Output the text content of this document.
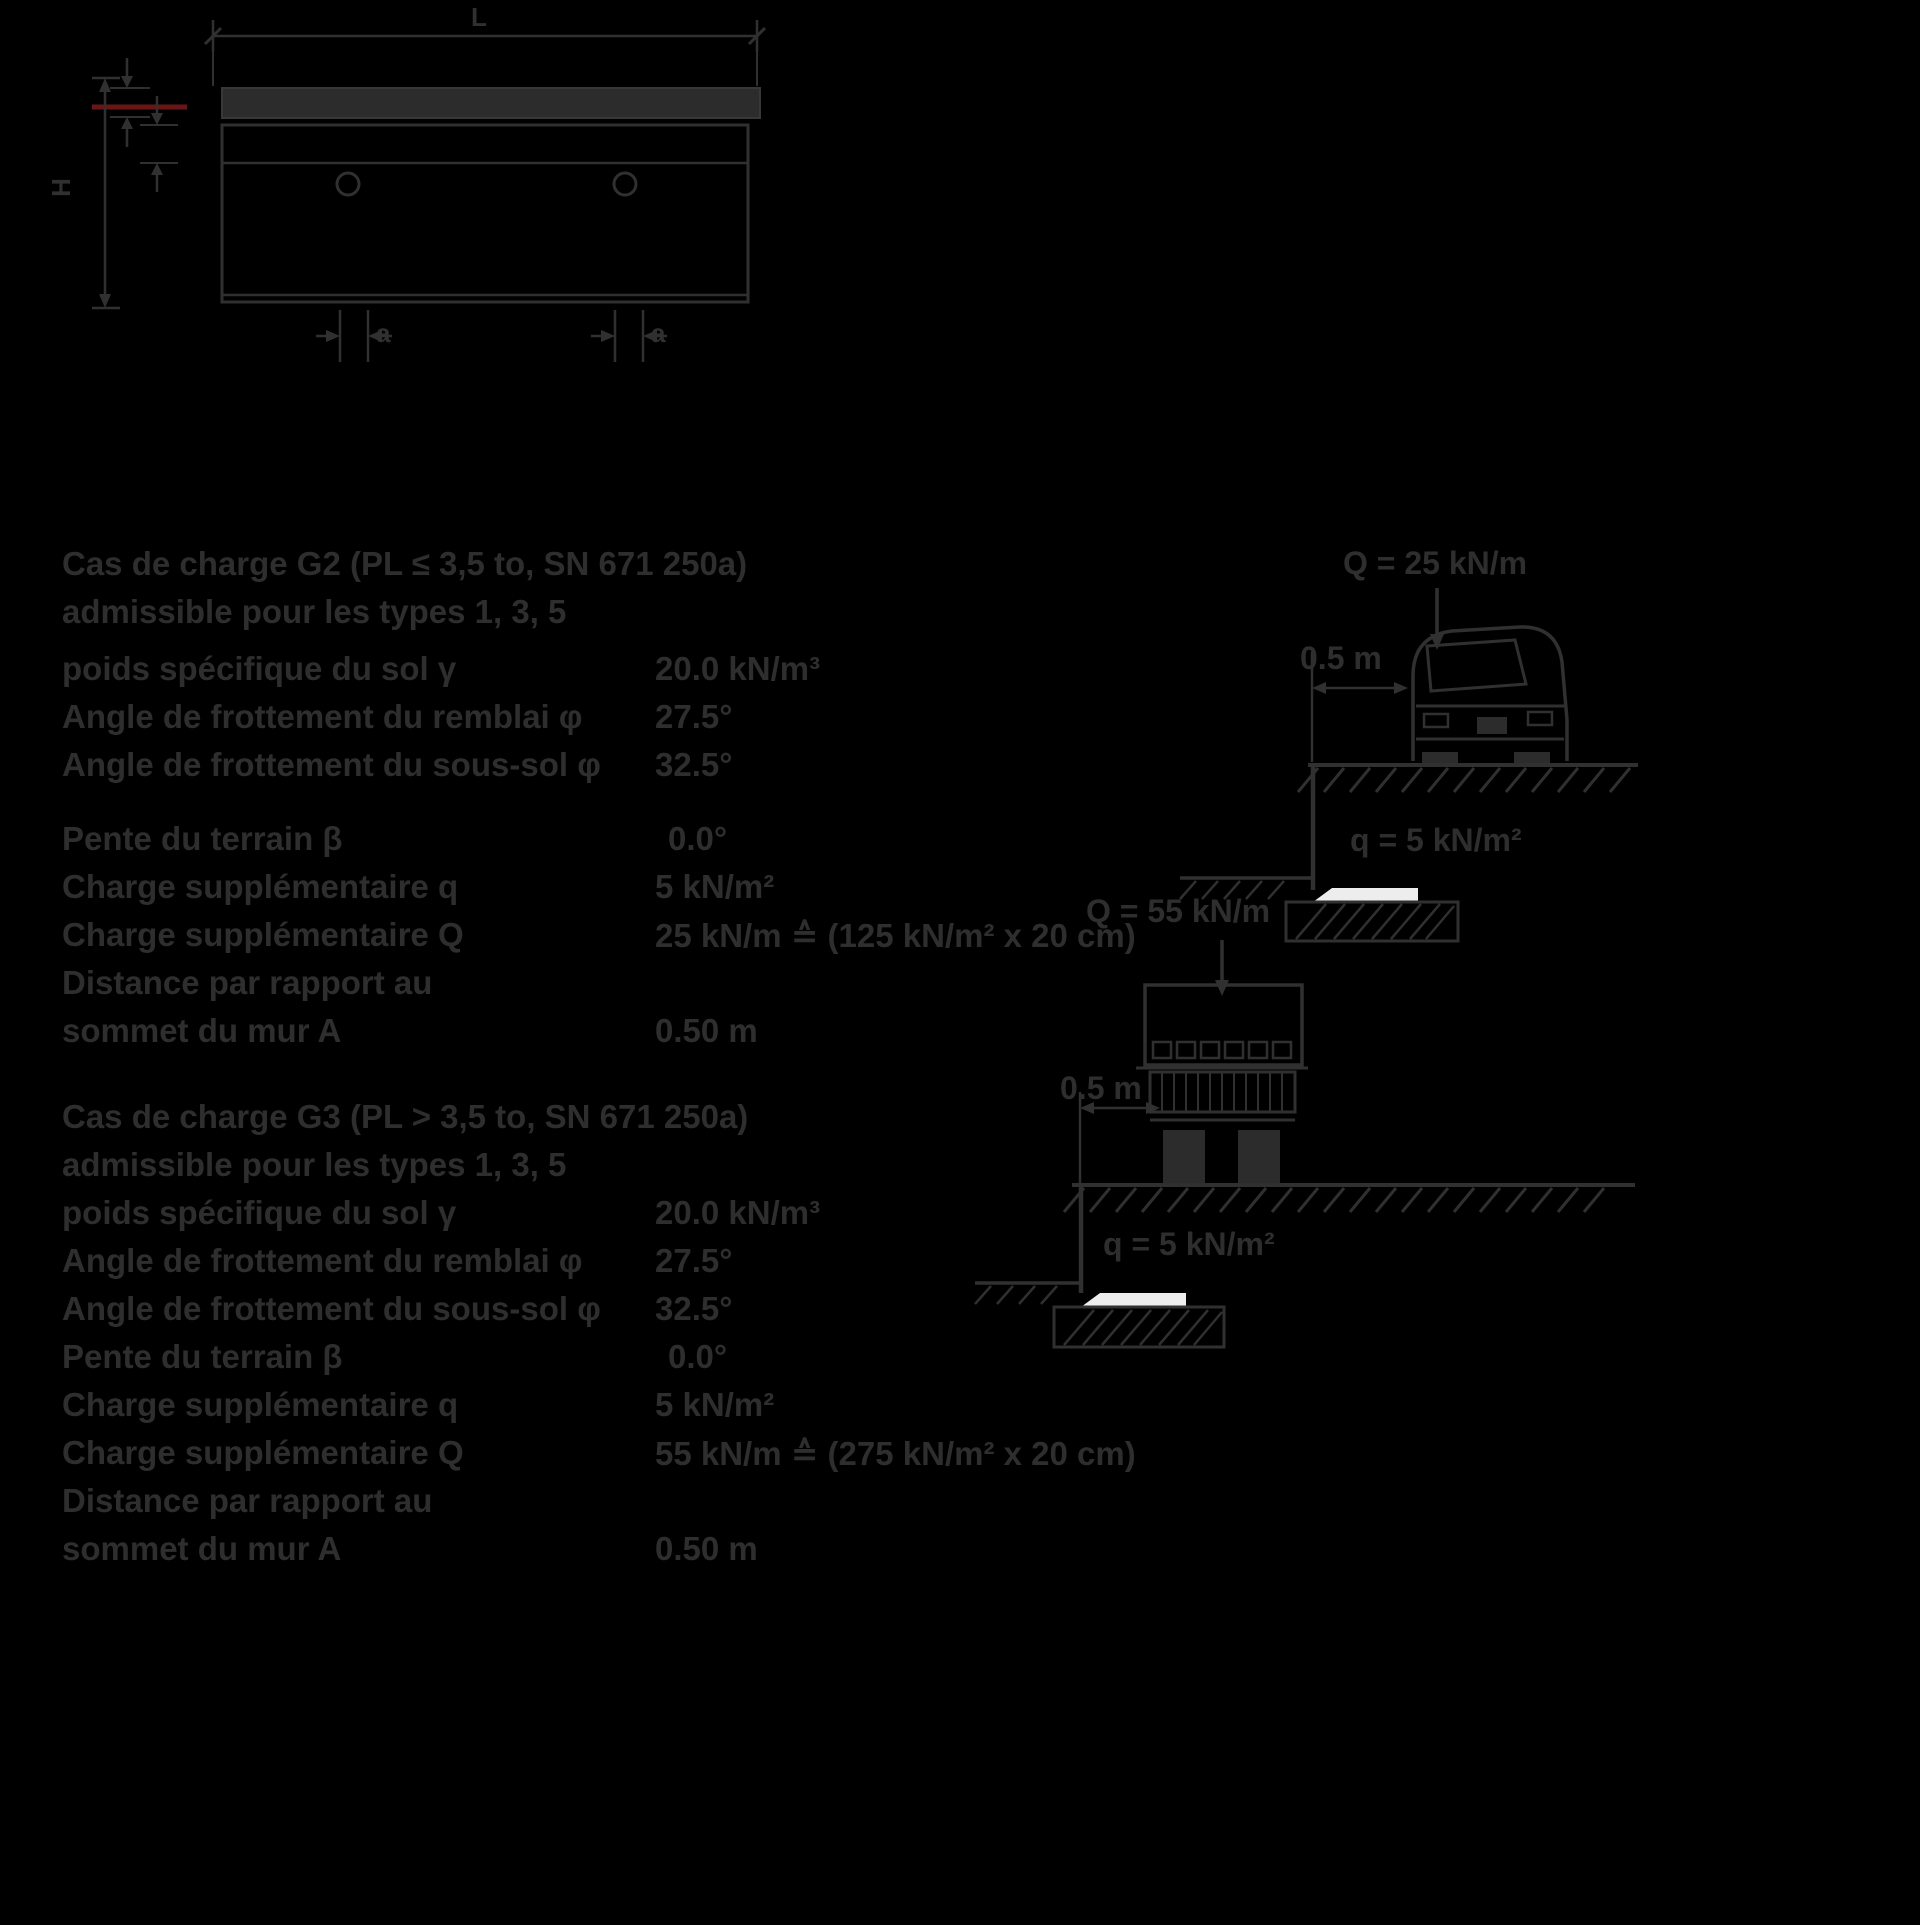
L
H
a	a
Cas de charge G2 (PL ≤ 3,5 to, SN 671 250a)
admissible pour les types 1, 3, 5
poids spécifique du sol γ	20.0 kN/m³
Angle de frottement du remblai φ 27.5°
Angle de frottement du sous-sol φ 32.5°
Pente du terrain β	0.0°
Charge supplémentaire q	5 kN/m²
Charge supplémentaire Q	25 kN/m ≙ (125 kN/m² x 20 cm)
Distance par rapport au
sommet du mur A	0.50 m
Q = 25 kN/m
0.5 m
q = 5 kN/m²
Cas de charge G3 (PL > 3,5 to, SN 671 250a)
admissible pour les types 1, 3, 5
poids spécifique du sol γ	20.0 kN/m³
Angle de frottement du remblai φ 27.5°
Angle de frottement du sous-sol φ 32.5°
Pente du terrain β	0.0°
Charge supplémentaire q	5 kN/m²
Charge supplémentaire Q	55 kN/m ≙ (275 kN/m² x 20 cm)
Distance par rapport au
sommet du mur A	0.50 m
Q = 55 kN/m
0.5 m
q = 5 kN/m²
